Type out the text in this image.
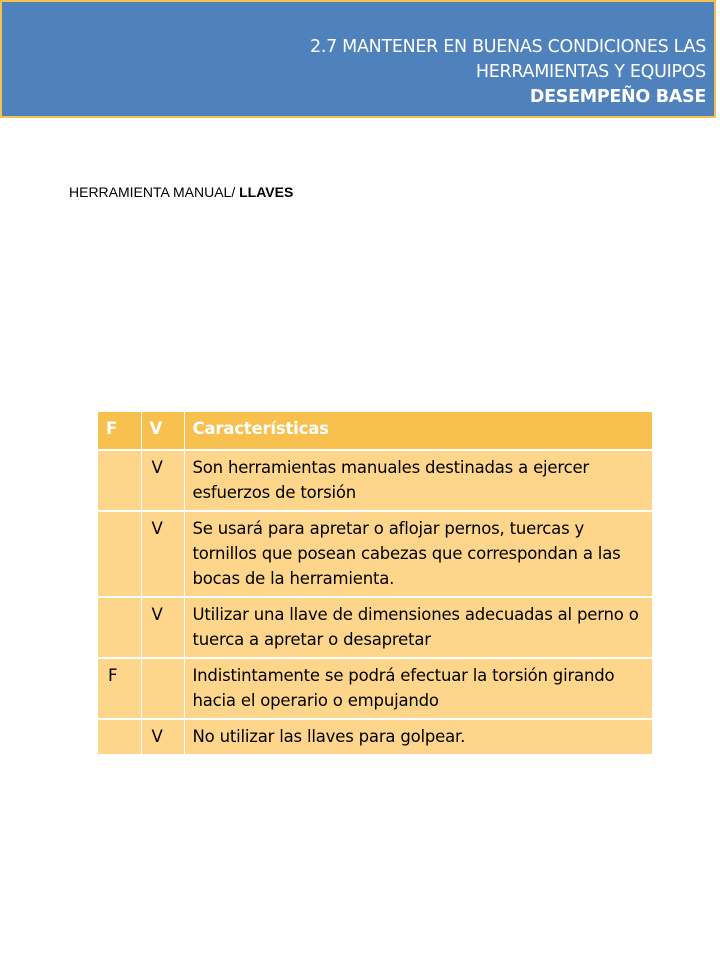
2.7 MANTENER EN BUENAS CONDICIONES LAS
HERRAMIENTAS Y EQUIPOS
DESEMPEÑO BASE
HERRAMIENTA MANUAL/ LLAVES
F	V	Características
	V	Son herramientas manuales destinadas a ejercer esfuerzos de torsión
	V	Se usará para apretar o aflojar pernos, tuercas y tornillos que posean cabezas que correspondan a las bocas de la herramienta.
	V	Utilizar una llave de dimensiones adecuadas al perno o tuerca a apretar o desapretar
F		Indistintamente se podrá efectuar la torsión girando hacia el operario o empujando
	V	No utilizar las llaves para golpear.
